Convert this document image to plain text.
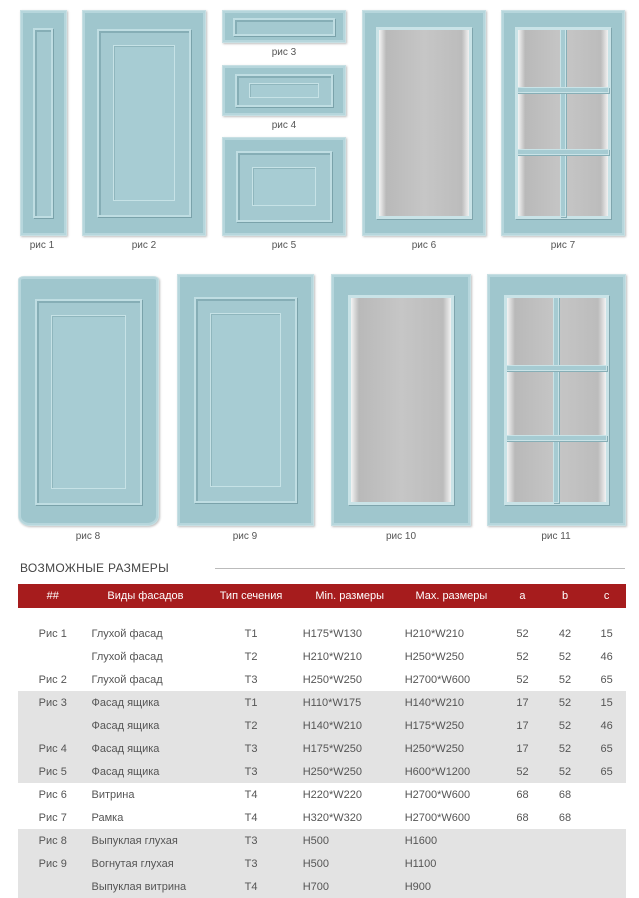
рис 1	рис 2
рис 3
рис 4
рис 5	рис 6	рис 7
рис 8	рис 9	рис 10	рис 11
ВОЗМОЖНЫЕ РАЗМЕРЫ
##	Виды фасадов	Тип сечения	Min. размеры	Max. размеры	a	b	c

Рис 1	Глухой фасад	T1	H175*W130	H210*W210	52	42	15
	Глухой фасад	T2	H210*W210	H250*W250	52	52	46
Рис 2	Глухой фасад	T3	H250*W250	H2700*W600	52	52	65
Рис 3	Фасад ящика	T1	H110*W175	H140*W210	17	52	15
	Фасад ящика	T2	H140*W210	H175*W250	17	52	46
Рис 4	Фасад ящика	T3	H175*W250	H250*W250	17	52	65
Рис 5	Фасад ящика	T3	H250*W250	H600*W1200	52	52	65
Рис 6	Витрина	T4	H220*W220	H2700*W600	68	68	
Рис 7	Рамка	T4	H320*W320	H2700*W600	68	68	
Рис 8	Выпуклая глухая	T3	H500	H1600			
Рис 9	Вогнутая глухая	T3	H500	H1100			
	Выпуклая витрина	T4	H700	H900			
